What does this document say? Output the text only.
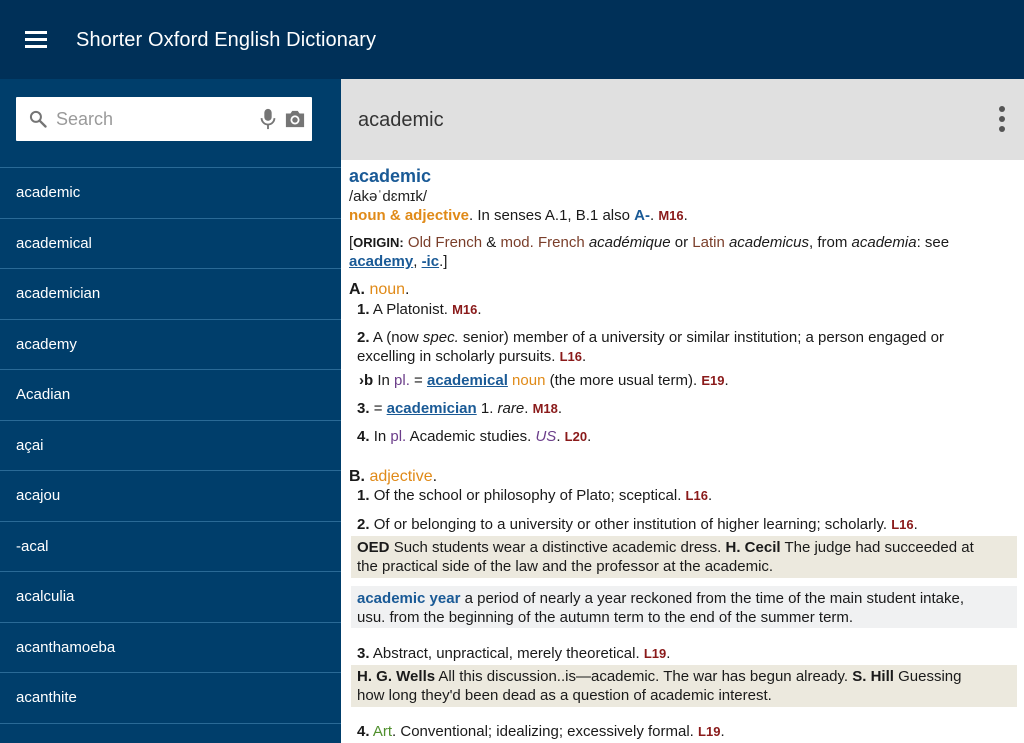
Shorter Oxford English Dictionary
Search
academic
academical
academician
academy
Acadian
açai
acajou
-acal
acalculia
acanthamoeba
acanthite
academic
academic
/akəˈdɛmɪk/
noun & adjective. In senses A.1, B.1 also A-. M16.
[ORIGIN: Old French & mod. French académique or Latin academicus, from academia: see
academy, -ic.]
A. noun.
1. A Platonist. M16.
2. A (now spec. senior) member of a university or similar institution; a person engaged or
excelling in scholarly pursuits. L16.
›b In pl. = academical noun (the more usual term). E19.
3. = academician 1. rare. M18.
4. In pl. Academic studies. US. L20.
B. adjective.
1. Of the school or philosophy of Plato; sceptical. L16.
2. Of or belonging to a university or other institution of higher learning; scholarly. L16.
OED Such students wear a distinctive academic dress. H. Cecil The judge had succeeded at
the practical side of the law and the professor at the academic.
academic year a period of nearly a year reckoned from the time of the main student intake,
usu. from the beginning of the autumn term to the end of the summer term.
3. Abstract, unpractical, merely theoretical. L19.
H. G. Wells All this discussion..is—academic. The war has begun already. S. Hill Guessing
how long they'd been dead as a question of academic interest.
4. Art. Conventional; idealizing; excessively formal. L19.
